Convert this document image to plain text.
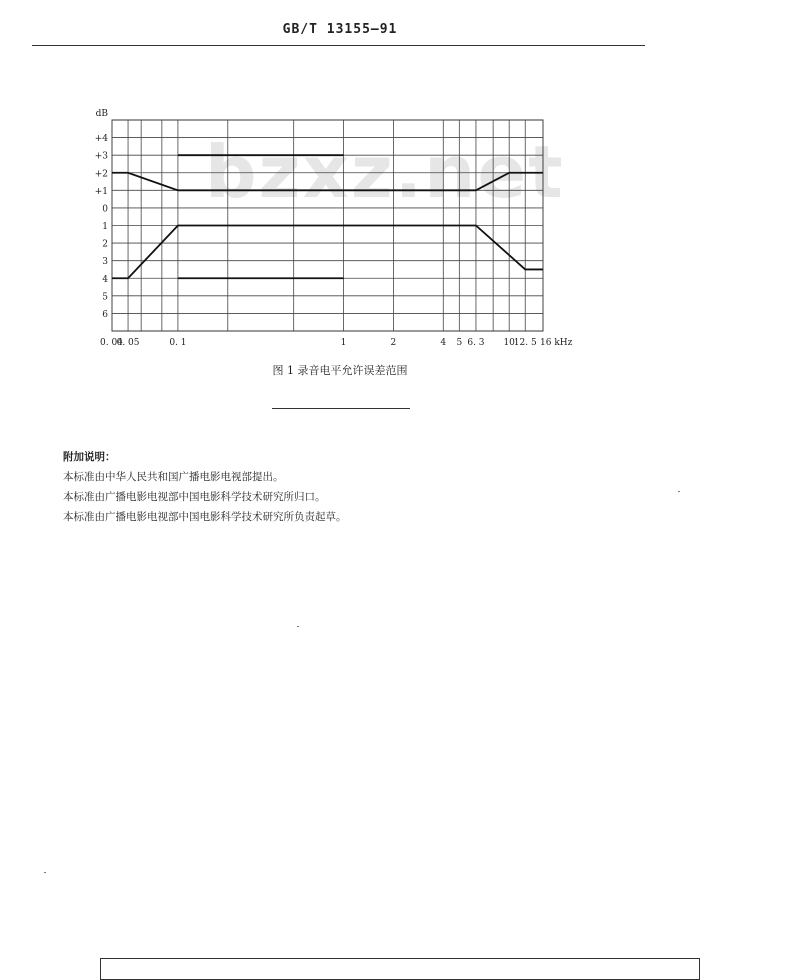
GB/T 13155—91
bzxz.net
+4
+3
+2
+1
0
1
2
3
4
5
6
dB
0. 04
0. 05	0. 1	1	2	4 5 6. 3 10
12. 5 16 kHz
图 1 录音电平允许误差范围
附加说明：
本标准由中华人民共和国广播电影电视部提出。
本标准由广播电影电视部中国电影科学技术研究所归口。
本标准由广播电影电视部中国电影科学技术研究所负责起草。
